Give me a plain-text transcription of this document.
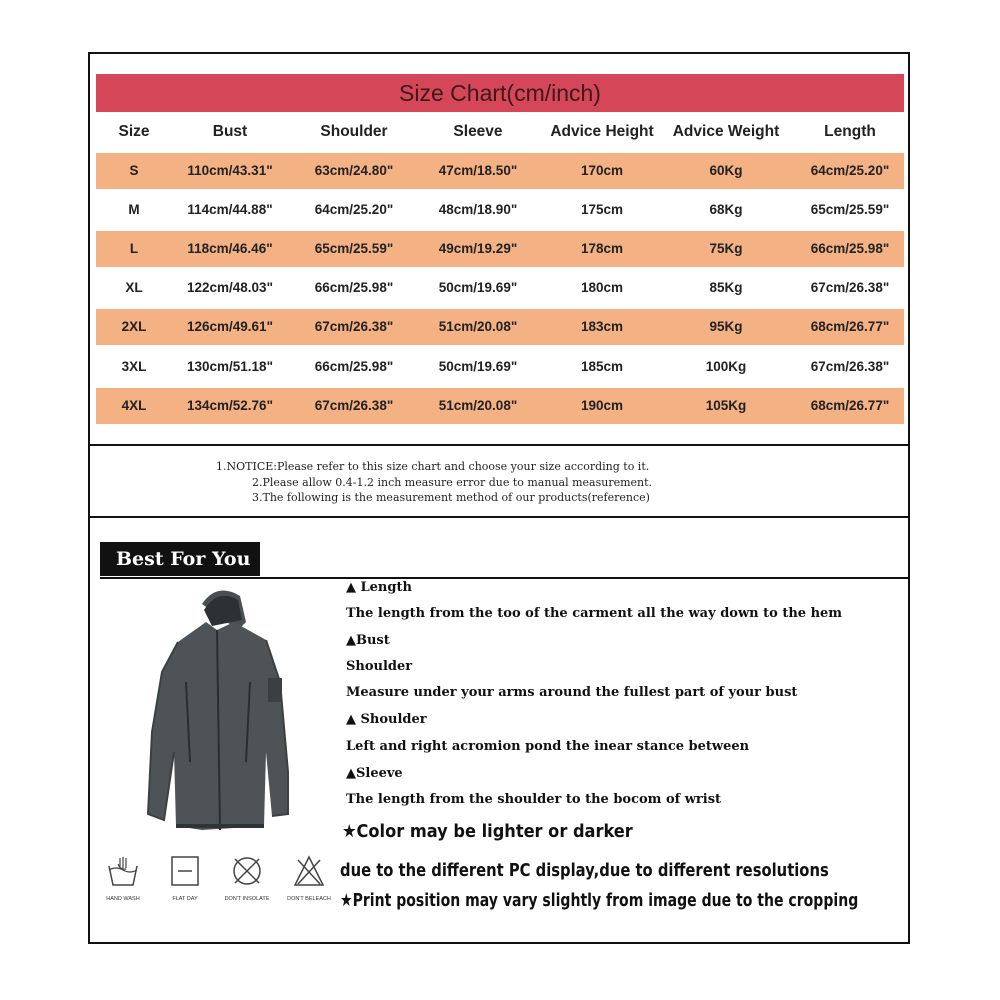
Size Chart(cm/inch)
Size	Bust	Shoulder	Sleeve	Advice Height	Advice Weight	Length
S	110cm/43.31"	63cm/24.80"	47cm/18.50"	170cm	60Kg	64cm/25.20"
M	114cm/44.88"	64cm/25.20"	48cm/18.90"	175cm	68Kg	65cm/25.59"
L	118cm/46.46"	65cm/25.59"	49cm/19.29"	178cm	75Kg	66cm/25.98"
XL	122cm/48.03"	66cm/25.98"	50cm/19.69"	180cm	85Kg	67cm/26.38"
2XL	126cm/49.61"	67cm/26.38"	51cm/20.08"	183cm	95Kg	68cm/26.77"
3XL	130cm/51.18"	66cm/25.98"	50cm/19.69"	185cm	100Kg	67cm/26.38"
4XL	134cm/52.76"	67cm/26.38"	51cm/20.08"	190cm	105Kg	68cm/26.77"
1.NOTICE:Please refer to this size chart and choose your size according to it.
2.Please allow 0.4-1.2 inch measure error due to manual measurement.
3.The following is the measurement method of our products(reference)
Best For You
▲ Length
The length from the too of the carment all the way down to the hem
▲Bust
Shoulder
Measure under your arms around the fullest part of your bust
▲ Shoulder
Left and right acromion pond the inear stance between
▲Sleeve
The length from the shoulder to the bocom of wrist
★Color may be lighter or darker
due to the different PC display,due to different resolutions
★Print position may vary slightly from image due to the cropping
HAND WASH	FLAT DAY	DON'T INSOLATE	DON'T BELEACH
